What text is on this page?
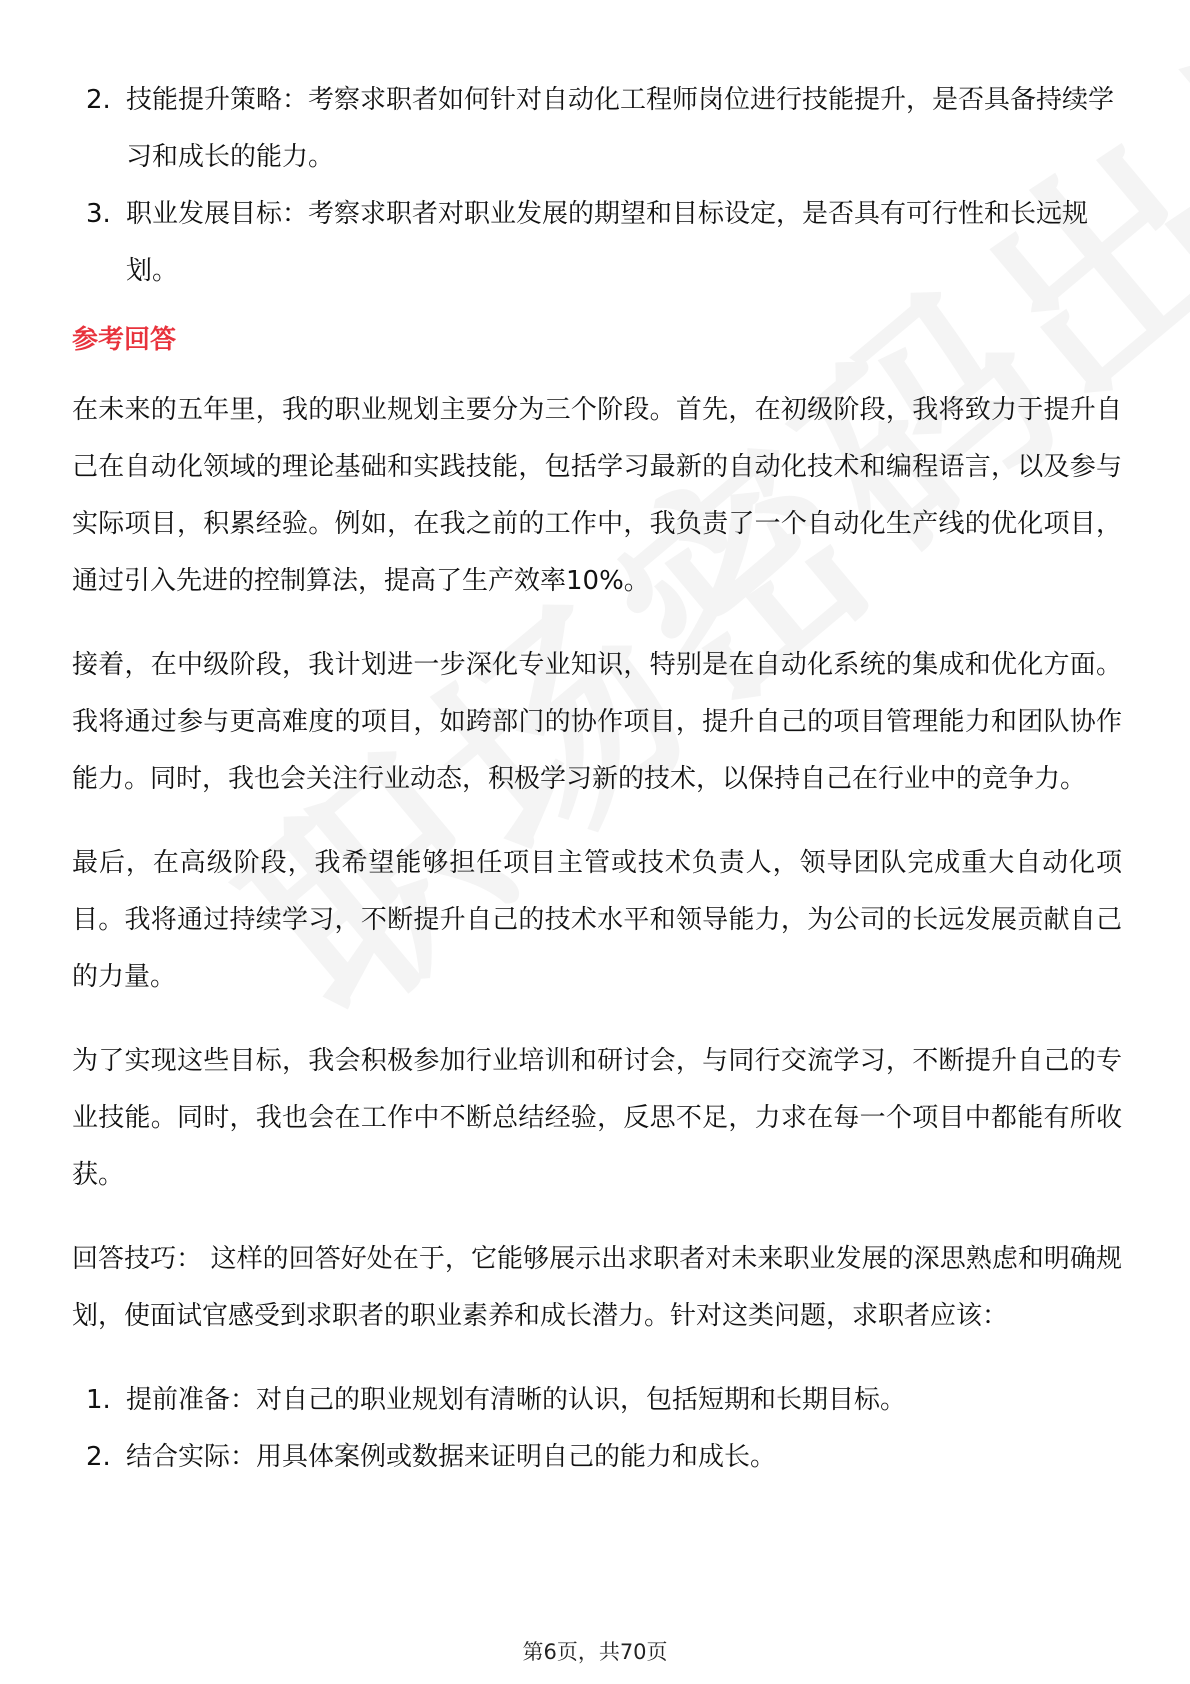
2. 技能提升策略：考察求职者如何针对自动化工程师岗位进行技能提升，是否具备持续学习和成长的能力。
3. 职业发展目标：考察求职者对职业发展的期望和目标设定，是否具有可行性和长远规划。
参考回答

在未来的五年里，我的职业规划主要分为三个阶段。首先，在初级阶段，我将致力于提升自己在自动化领域的理论基础和实践技能，包括学习最新的自动化技术和编程语言，以及参与实际项目，积累经验。例如，在我之前的工作中，我负责了一个自动化生产线的优化项目，通过引入先进的控制算法，提高了生产效率10%。

接着，在中级阶段，我计划进一步深化专业知识，特别是在自动化系统的集成和优化方面。我将通过参与更高难度的项目，如跨部门的协作项目，提升自己的项目管理能力和团队协作能力。同时，我也会关注行业动态，积极学习新的技术，以保持自己在行业中的竞争力。

最后，在高级阶段，我希望能够担任项目主管或技术负责人，领导团队完成重大自动化项目。我将通过持续学习，不断提升自己的技术水平和领导能力，为公司的长远发展贡献自己的力量。

为了实现这些目标，我会积极参加行业培训和研讨会，与同行交流学习，不断提升自己的专业技能。同时，我也会在工作中不断总结经验，反思不足，力求在每一个项目中都能有所收获。

回答技巧： 这样的回答好处在于，它能够展示出求职者对未来职业发展的深思熟虑和明确规划，使面试官感受到求职者的职业素养和成长潜力。针对这类问题，求职者应该：

1. 提前准备：对自己的职业规划有清晰的认识，包括短期和长期目标。
2. 结合实际：用具体案例或数据来证明自己的能力和成长。
第6页，共70页
